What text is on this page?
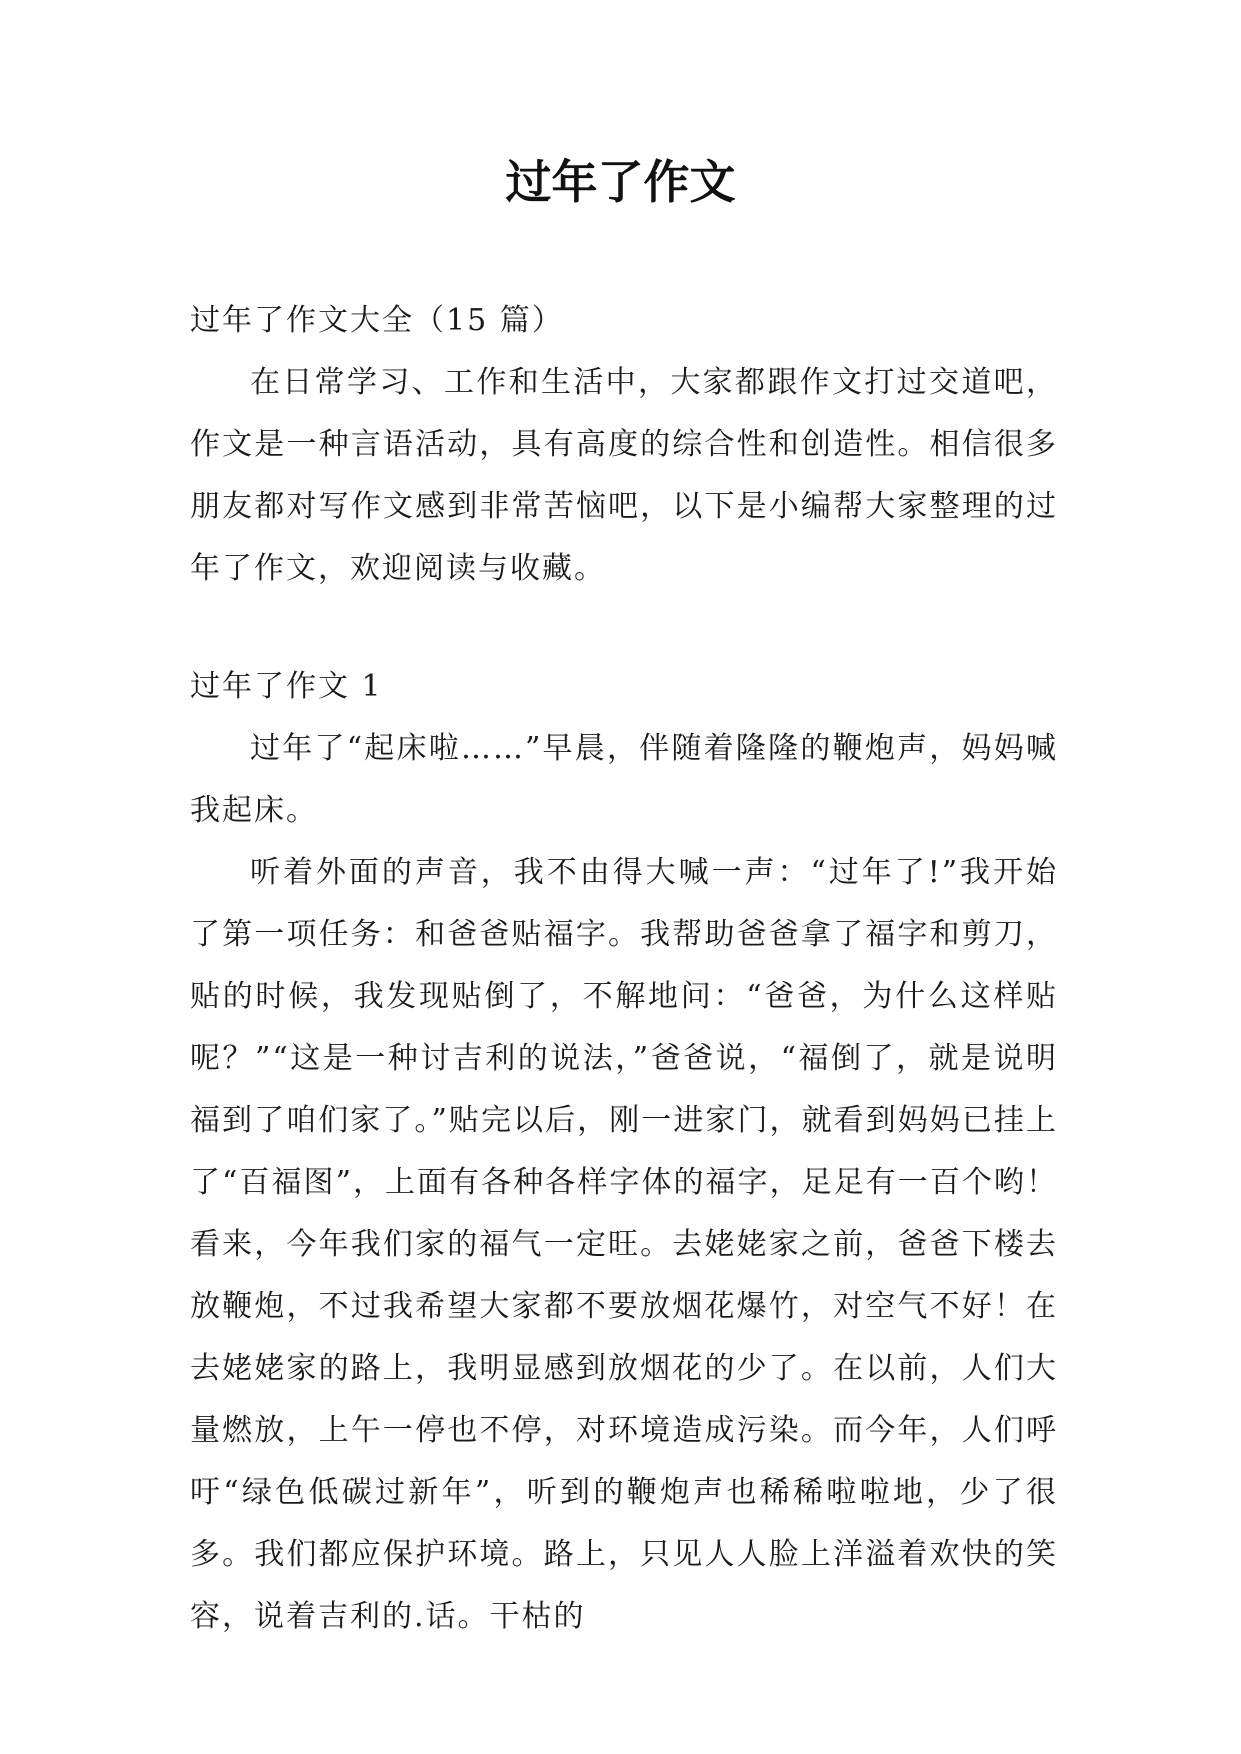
过年了作文

过年了作文大全（15 篇）

在日常学习、工作和生活中，大家都跟作文打过交道吧，作文是一种言语活动，具有高度的综合性和创造性。相信很多朋友都对写作文感到非常苦恼吧，以下是小编帮大家整理的过年了作文，欢迎阅读与收藏。

过年了作文 1

过年了“起床啦……”早晨，伴随着隆隆的鞭炮声，妈妈喊我起床。

听着外面的声音，我不由得大喊一声：“过年了!”我开始了第一项任务：和爸爸贴福字。我帮助爸爸拿了福字和剪刀，贴的时候，我发现贴倒了，不解地问：“爸爸，为什么这样贴呢？”“这是一种讨吉利的说法，”爸爸说，“福倒了，就是说明福到了咱们家了。”贴完以后，刚一进家门，就看到妈妈已挂上了“百福图”，上面有各种各样字体的福字，足足有一百个哟！看来，今年我们家的福气一定旺。去姥姥家之前，爸爸下楼去放鞭炮，不过我希望大家都不要放烟花爆竹，对空气不好！在去姥姥家的路上，我明显感到放烟花的少了。在以前，人们大量燃放，上午一停也不停，对环境造成污染。而今年，人们呼吁“绿色低碳过新年”，听到的鞭炮声也稀稀啦啦地，少了很多。我们都应保护环境。路上，只见人人脸上洋溢着欢快的笑容，说着吉利的.话。干枯的
